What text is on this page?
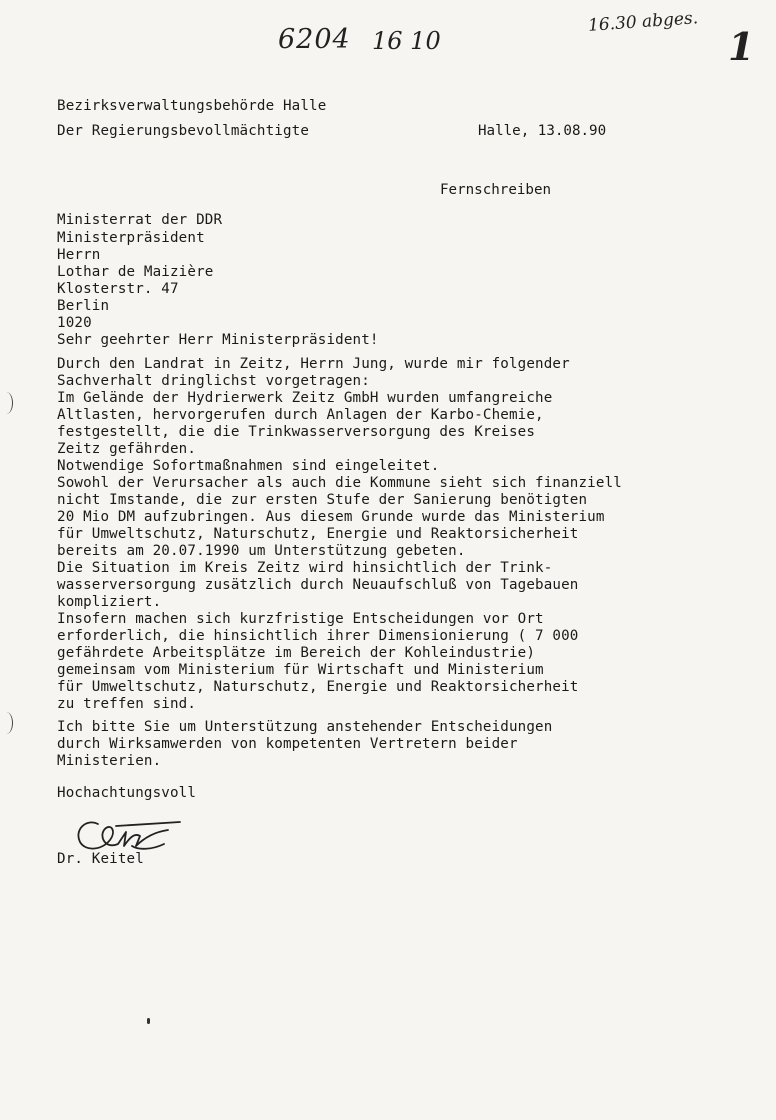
6204 16 10
16.30 abges.
1
Bezirksverwaltungsbehörde Halle
Der Regierungsbevollmächtigte	Halle, 13.08.90
Fernschreiben
Ministerrat der DDR
Ministerpräsident
Herrn
Lothar de Maizière
Klosterstr. 47
Berlin
1020
Sehr geehrter Herr Ministerpräsident!
Durch den Landrat in Zeitz, Herrn Jung, wurde mir folgender
Sachverhalt dringlichst vorgetragen:
Im Gelände der Hydrierwerk Zeitz GmbH wurden umfangreiche
Altlasten, hervorgerufen durch Anlagen der Karbo-Chemie,
festgestellt, die die Trinkwasserversorgung des Kreises
Zeitz gefährden.
Notwendige Sofortmaßnahmen sind eingeleitet.
Sowohl der Verursacher als auch die Kommune sieht sich finanziell
nicht Imstande, die zur ersten Stufe der Sanierung benötigten
20 Mio DM aufzubringen. Aus diesem Grunde wurde das Ministerium
für Umweltschutz, Naturschutz, Energie und Reaktorsicherheit
bereits am 20.07.1990 um Unterstützung gebeten.
Die Situation im Kreis Zeitz wird hinsichtlich der Trink-
wasserversorgung zusätzlich durch Neuaufschluß von Tagebauen
kompliziert.
Insofern machen sich kurzfristige Entscheidungen vor Ort
erforderlich, die hinsichtlich ihrer Dimensionierung ( 7 000
gefährdete Arbeitsplätze im Bereich der Kohleindustrie)
gemeinsam vom Ministerium für Wirtschaft und Ministerium
für Umweltschutz, Naturschutz, Energie und Reaktorsicherheit
zu treffen sind.
Ich bitte Sie um Unterstützung anstehender Entscheidungen
durch Wirksamwerden von kompetenten Vertretern beider
Ministerien.
Hochachtungsvoll
Dr. Keitel
